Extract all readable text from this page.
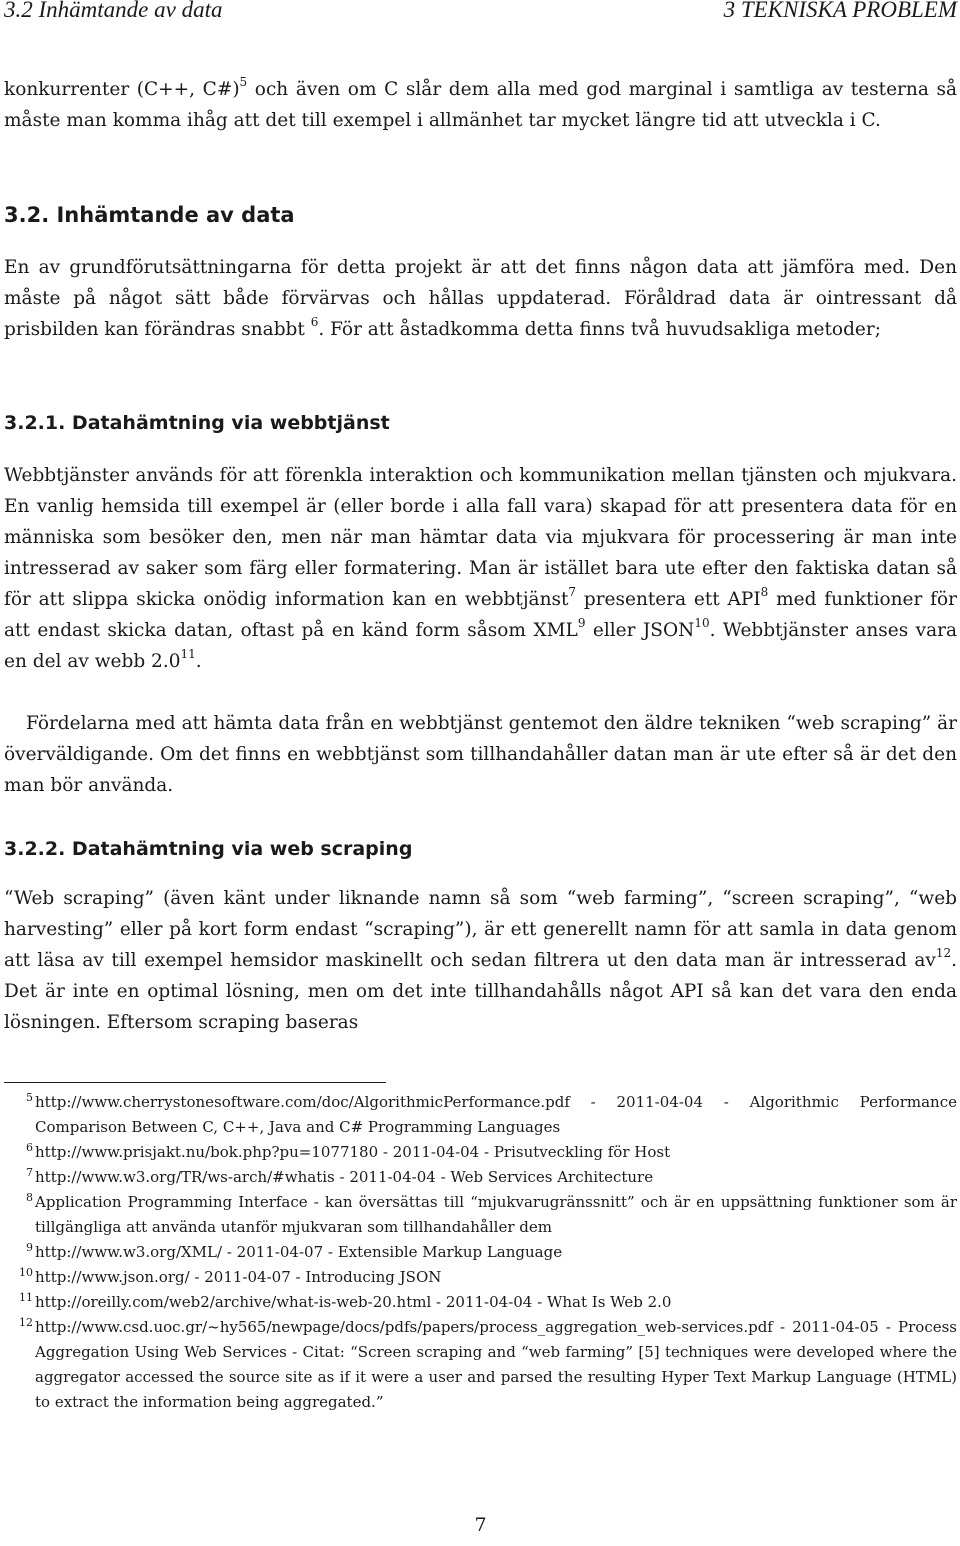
3.2 Inhämtande av data	3 TEKNISKA PROBLEM

konkurrenter (C++, C#)$^5$ och även om C slår dem alla med god marginal i samtliga av testerna så måste man komma ihåg att det till exempel i allmänhet tar mycket längre tid att utveckla i C.

3.2. Inhämtande av data

En av grundförutsättningarna för detta projekt är att det finns någon data att jämföra med. Den måste på något sätt både förvärvas och hållas uppdaterad. Föråldrad data är ointressant då prisbilden kan förändras snabbt $^6$. För att åstadkomma detta finns två huvudsakliga metoder;

3.2.1. Datahämtning via webbtjänst

Webbtjänster används för att förenkla interaktion och kommunikation mellan tjänsten och mjukvara. En vanlig hemsida till exempel är (eller borde i alla fall vara) skapad för att presentera data för en människa som besöker den, men när man hämtar data via mjukvara för processering är man inte intresserad av saker som färg eller formatering. Man är istället bara ute efter den faktiska datan så för att slippa skicka onödig information kan en webbtjänst$^7$ presentera ett API$^8$ med funktioner för att endast skicka datan, oftast på en känd form såsom XML$^9$ eller JSON$^{10}$. Webbtjänster anses vara en del av webb $2.0^{11}$.

Fördelarna med att hämta data från en webbtjänst gentemot den äldre tekniken “web scraping” är överväldigande. Om det finns en webbtjänst som tillhandahåller datan man är ute efter så är det den man bör använda.

3.2.2. Datahämtning via web scraping

“Web scraping” (även känt under liknande namn så som “web farming”, “screen scraping”, “web harvesting” eller på kort form endast “scraping”), är ett generellt namn för att samla in data genom att läsa av till exempel hemsidor maskinellt och sedan filtrera ut den data man är intresserad $av^{12}$. Det är inte en optimal lösning, men om det inte tillhandahålls något API så kan det vara den enda lösningen. Eftersom scraping baseras

5 http://www.cherrystonesoftware.com/doc/AlgorithmicPerformance.pdf - 2011-04-04 - Algorithmic Performance Comparison Between C, C++, Java and C# Programming Languages

6 http://www.prisjakt.nu/bok.php?pu=1077180 - 2011-04-04 - Prisutveckling för Host

7 http://www.w3.org/TR/ws-arch/#whatis - 2011-04-04 - Web Services Architecture

8 Application Programming Interface - kan översättas till “mjukvarugränssnitt” och är en uppsättning funktioner som är tillgängliga att använda utanför mjukvaran som tillhandahåller dem

9 http://www.w3.org/XML/ - 2011-04-07 - Extensible Markup Language

10 http://www.json.org/ - 2011-04-07 - Introducing JSON

11 http://oreilly.com/web2/archive/what-is-web-20.html - 2011-04-04 - What Is Web 2.0

12 http://www.csd.uoc.gr/~hy565/newpage/docs/pdfs/papers/process_aggregation_web-services.pdf - 2011-04-05 - Process Aggregation Using Web Services - Citat: “Screen scraping and “web farming” [5] techniques were developed where the aggregator accessed the source site as if it were a user and parsed the resulting Hyper Text Markup Language (HTML) to extract the information being aggregated.”

7
